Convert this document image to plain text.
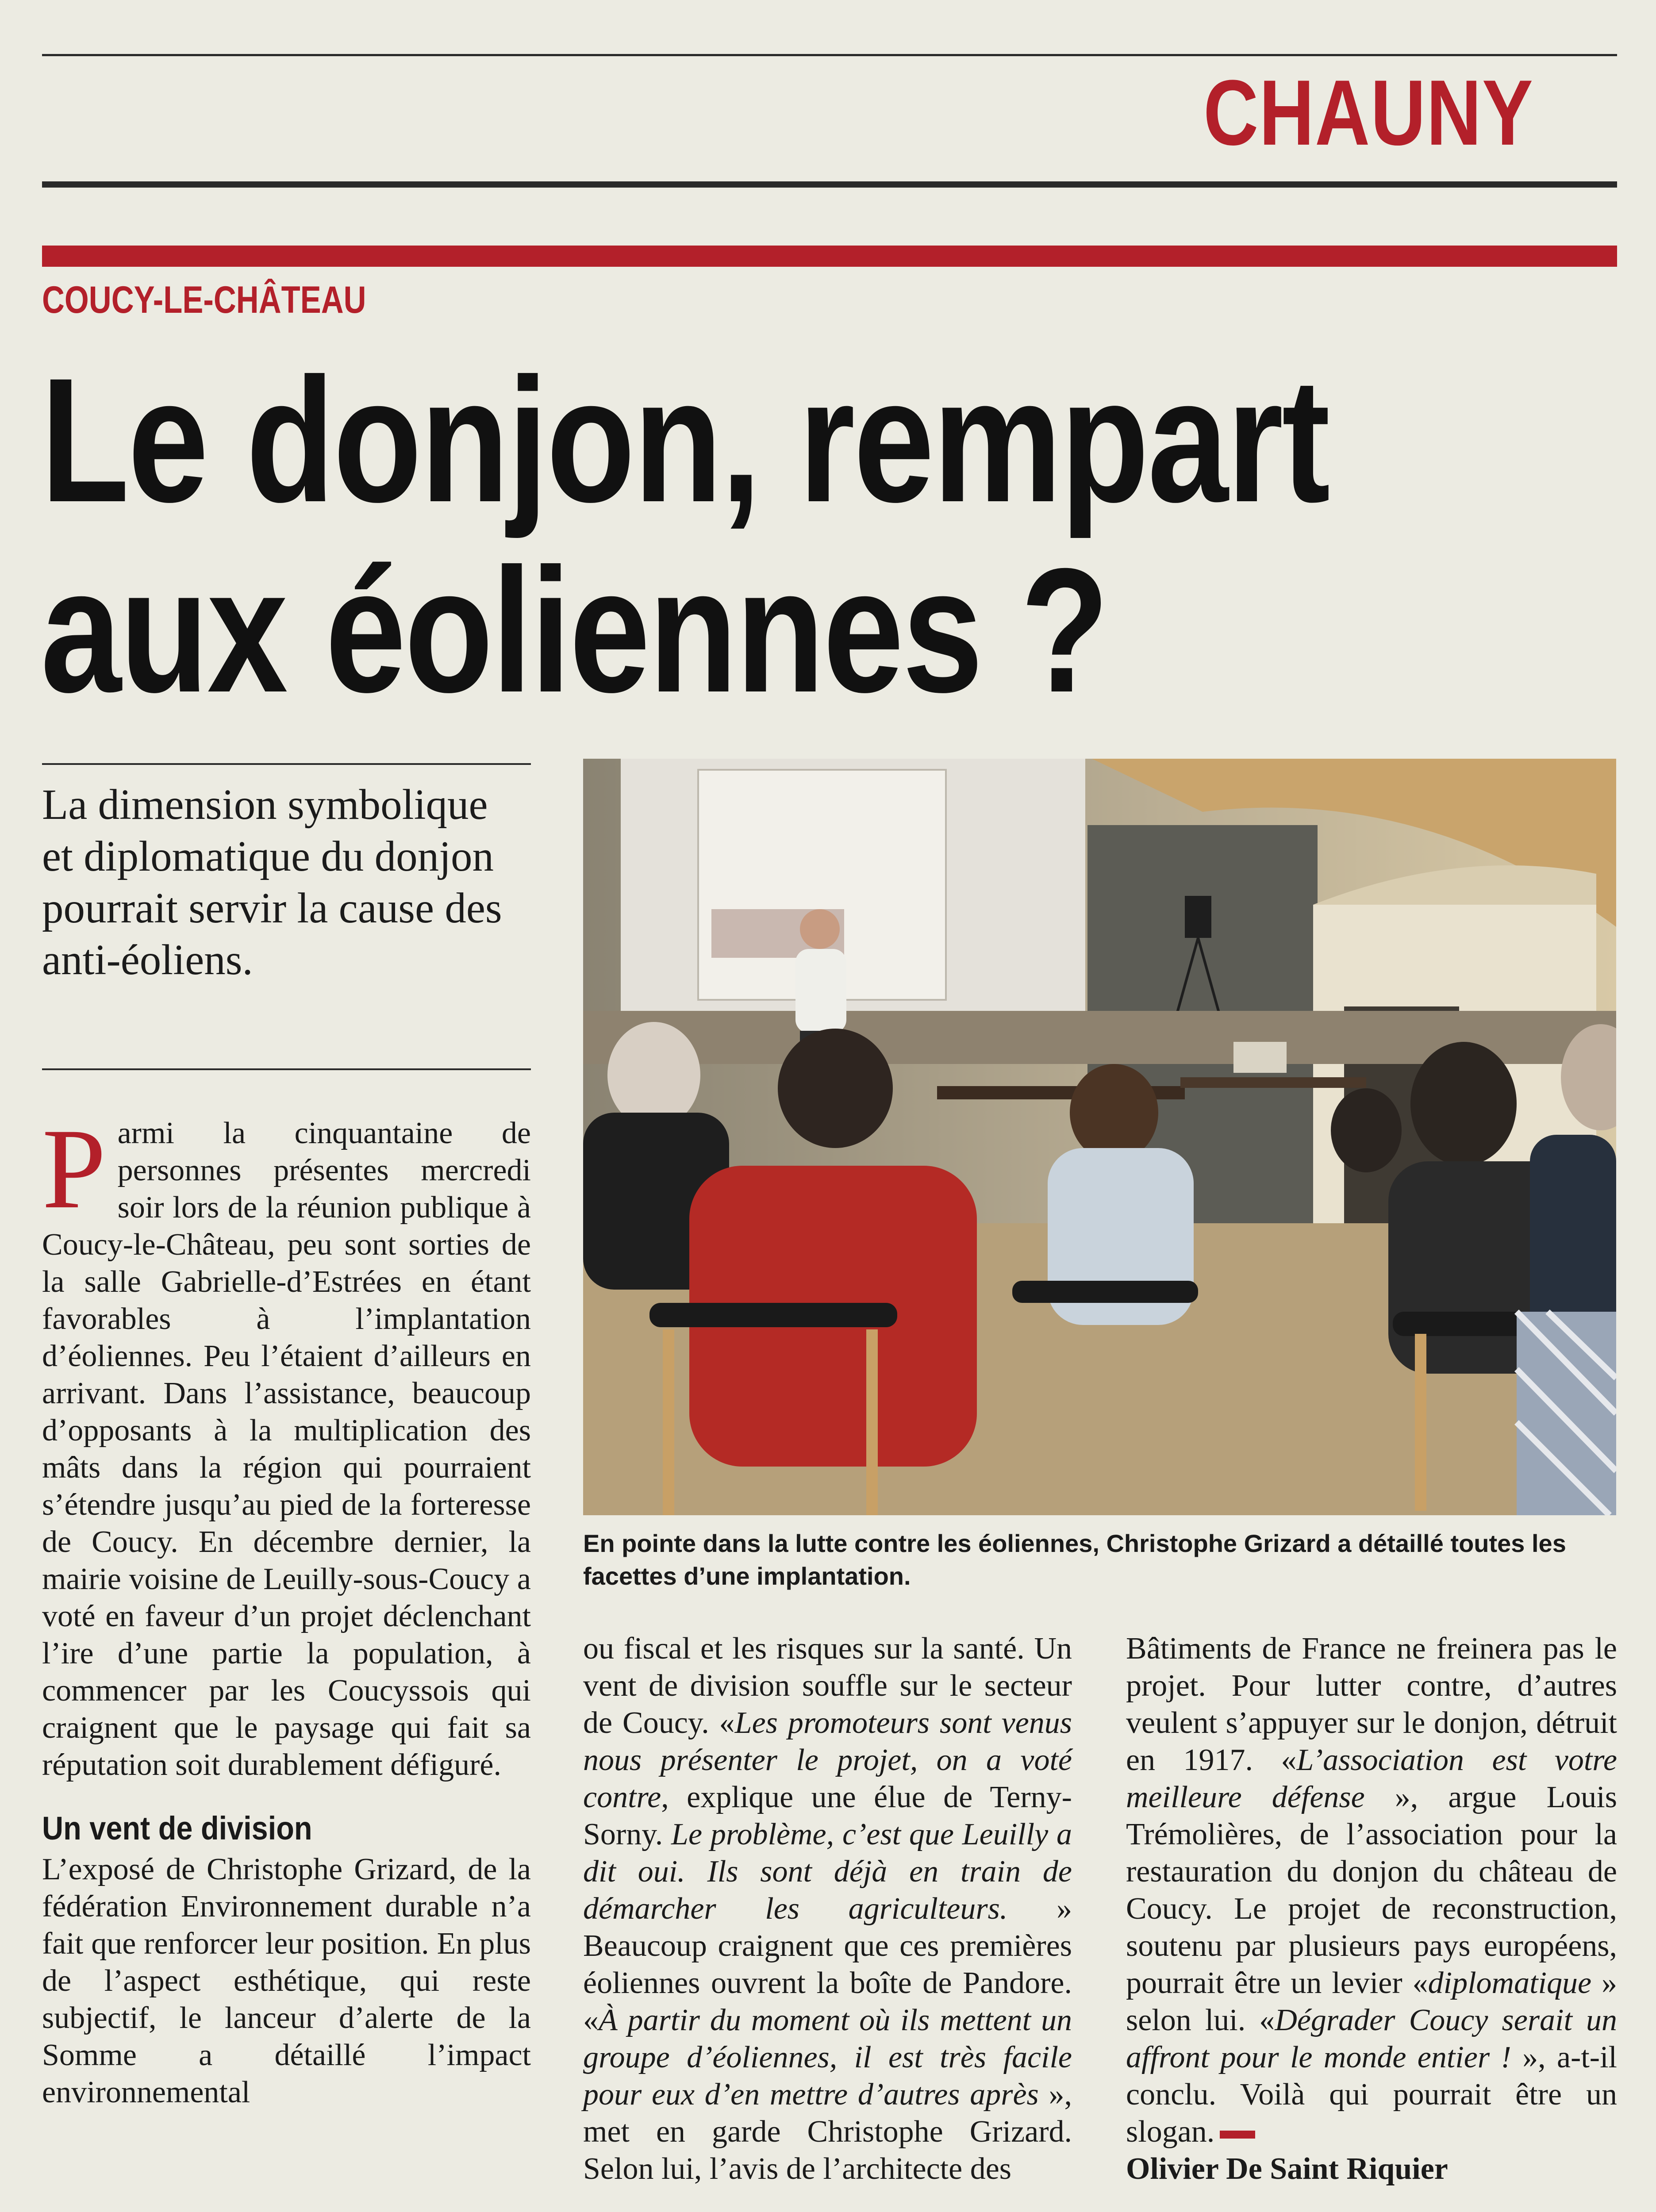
CHAUNY
COUCY-LE-CHÂTEAU
Le donjon, rempart
aux éoliennes ?
La dimension symbolique et diplomatique du donjon pourrait servir la cause des anti-éoliens.

Parmi la cinquantaine de personnes présentes mercredi soir lors de la réunion publique à Coucy-le-Château, peu sont sorties de la salle Gabrielle-d’Estrées en étant favorables à l’implantation d’éoliennes. Peu l’étaient d’ailleurs en arrivant. Dans l’assistance, beaucoup d’opposants à la multiplication des mâts dans la région qui pourraient s’étendre jusqu’au pied de la forteresse de Coucy. En décembre dernier, la mairie voisine de Leuilly-sous-Coucy a voté en faveur d’un projet déclenchant l’ire d’une partie la population, à commencer par les Coucyssois qui craignent que le paysage qui fait sa réputation soit durablement défiguré.

Un vent de division

L’exposé de Christophe Grizard, de la fédération Environnement durable n’a fait que renforcer leur position. En plus de l’aspect esthétique, qui reste subjectif, le lanceur d’alerte de la Somme a détaillé l’impact environnemental

En pointe dans la lutte contre les éoliennes, Christophe Grizard a détaillé toutes les facettes d’une implantation.

ou fiscal et les risques sur la santé. Un vent de division souffle sur le secteur de Coucy. «Les promoteurs sont venus nous présenter le projet, on a voté contre, explique une élue de Terny-Sorny. Le problème, c’est que Leuilly a dit oui. Ils sont déjà en train de démarcher les agriculteurs. » Beaucoup craignent que ces premières éoliennes ouvrent la boîte de Pandore. «À partir du moment où ils mettent un groupe d’éoliennes, il est très facile pour eux d’en mettre d’autres après », met en garde Christophe Grizard. Selon lui, l’avis de l’architecte des

Bâtiments de France ne freinera pas le projet. Pour lutter contre, d’autres veulent s’appuyer sur le donjon, détruit en 1917. «L’association est votre meilleure défense », argue Louis Trémolières, de l’association pour la restauration du donjon du château de Coucy. Le projet de reconstruction, soutenu par plusieurs pays européens, pourrait être un levier «diplomatique » selon lui. «Dégrader Coucy serait un affront pour le monde entier ! », a-t-il conclu. Voilà qui pourrait être un slogan.

Olivier De Saint Riquier
